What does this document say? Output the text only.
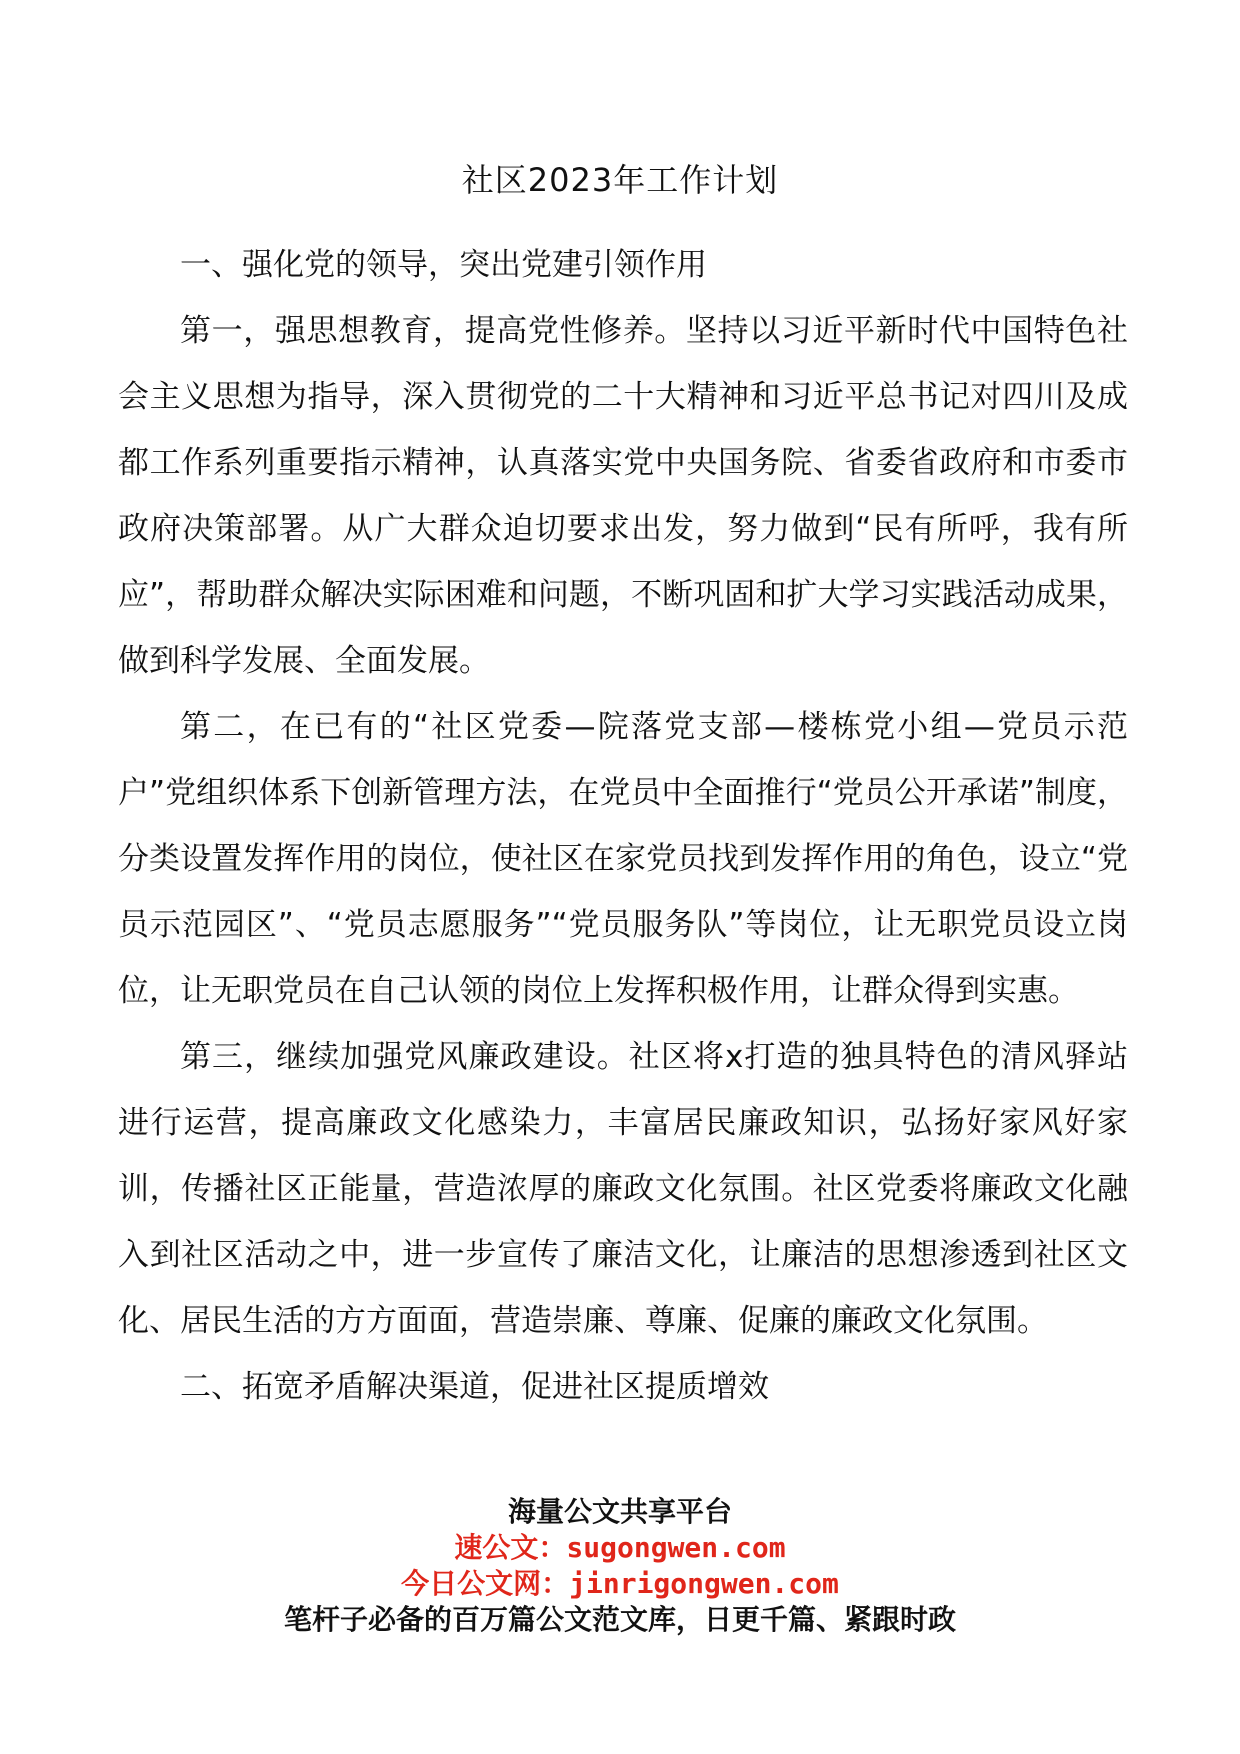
社区2023年工作计划

一、强化党的领导，突出党建引领作用

第一，强思想教育，提高党性修养。坚持以习近平新时代中国特色社会主义思想为指导，深入贯彻党的二十大精神和习近平总书记对四川及成都工作系列重要指示精神，认真落实党中央国务院、省委省政府和市委市政府决策部署。从广大群众迫切要求出发，努力做到“民有所呼，我有所应”，帮助群众解决实际困难和问题，不断巩固和扩大学习实践活动成果，做到科学发展、全面发展。

第二，在已有的“社区党委—院落党支部—楼栋党小组—党员示范户”党组织体系下创新管理方法，在党员中全面推行“党员公开承诺”制度，分类设置发挥作用的岗位，使社区在家党员找到发挥作用的角色，设立“党员示范园区”、“党员志愿服务”“党员服务队”等岗位，让无职党员设立岗位，让无职党员在自己认领的岗位上发挥积极作用，让群众得到实惠。

第三，继续加强党风廉政建设。社区将x打造的独具特色的清风驿站进行运营，提高廉政文化感染力，丰富居民廉政知识，弘扬好家风好家训，传播社区正能量，营造浓厚的廉政文化氛围。社区党委将廉政文化融入到社区活动之中，进一步宣传了廉洁文化，让廉洁的思想渗透到社区文化、居民生活的方方面面，营造崇廉、尊廉、促廉的廉政文化氛围。

二、拓宽矛盾解决渠道，促进社区提质增效

海量公文共享平台
速公文：sugongwen.com
今日公文网：jinrigongwen.com
笔杆子必备的百万篇公文范文库，日更千篇、紧跟时政
